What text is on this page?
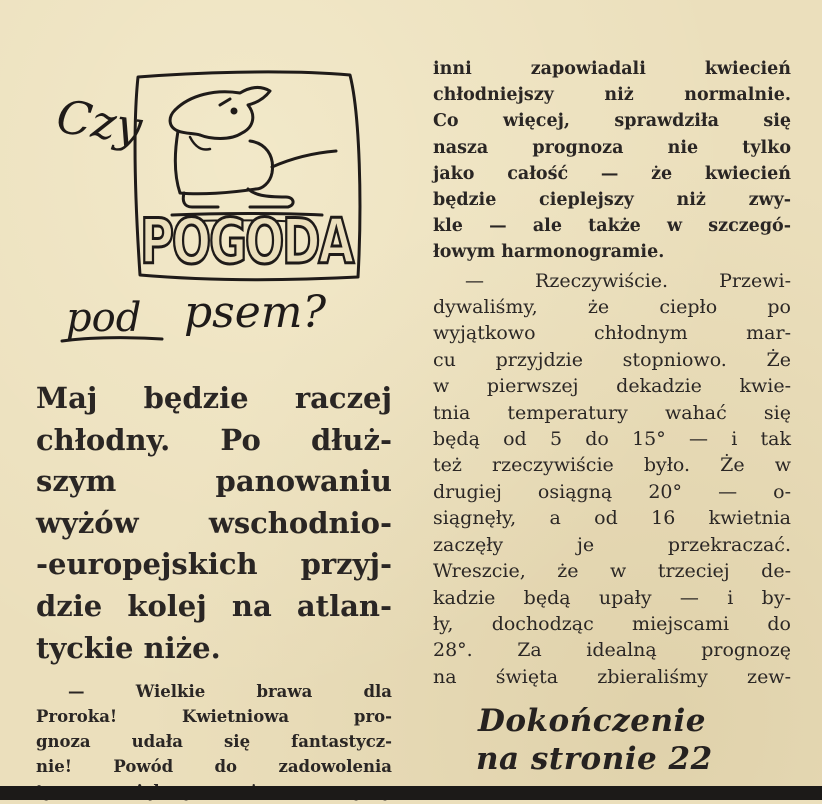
POGODA
Czy
pod psem?

Maj będzie raczej
chłodny. Po dłuż-
szym panowaniu
wyżów wschodnio-
-europejskich przyj-
dzie kolej na atlan-
tyckie niże.

— Wielkie brawa dla
Proroka! Kwietniowa pro-
gnoza udała się fantastycz-
nie! Powód do zadowolenia

inni zapowiadali kwiecień
chłodniejszy niż normalnie.
Co więcej, sprawdziła się
nasza prognoza nie tylko
jako całość — że kwiecień
będzie cieplejszy niż zwy-
kle — ale także w szczegó-
łowym harmonogramie.

— Rzeczywiście. Przewi-
dywaliśmy, że ciepło po
wyjątkowo chłodnym mar-
cu przyjdzie stopniowo. Że
w pierwszej dekadzie kwie-
tnia temperatury wahać się
będą od 5 do 15° — i tak
też rzeczywiście było. Że w
drugiej osiągną 20° — o-
siągnęły, a od 16 kwietnia
zaczęły je przekraczać.
Wreszcie, że w trzeciej de-
kadzie będą upały — i by-
ły, dochodząc miejscami do
28°. Za idealną prognozę
na święta zbieraliśmy zew-

Dokończenie
na stronie 22
